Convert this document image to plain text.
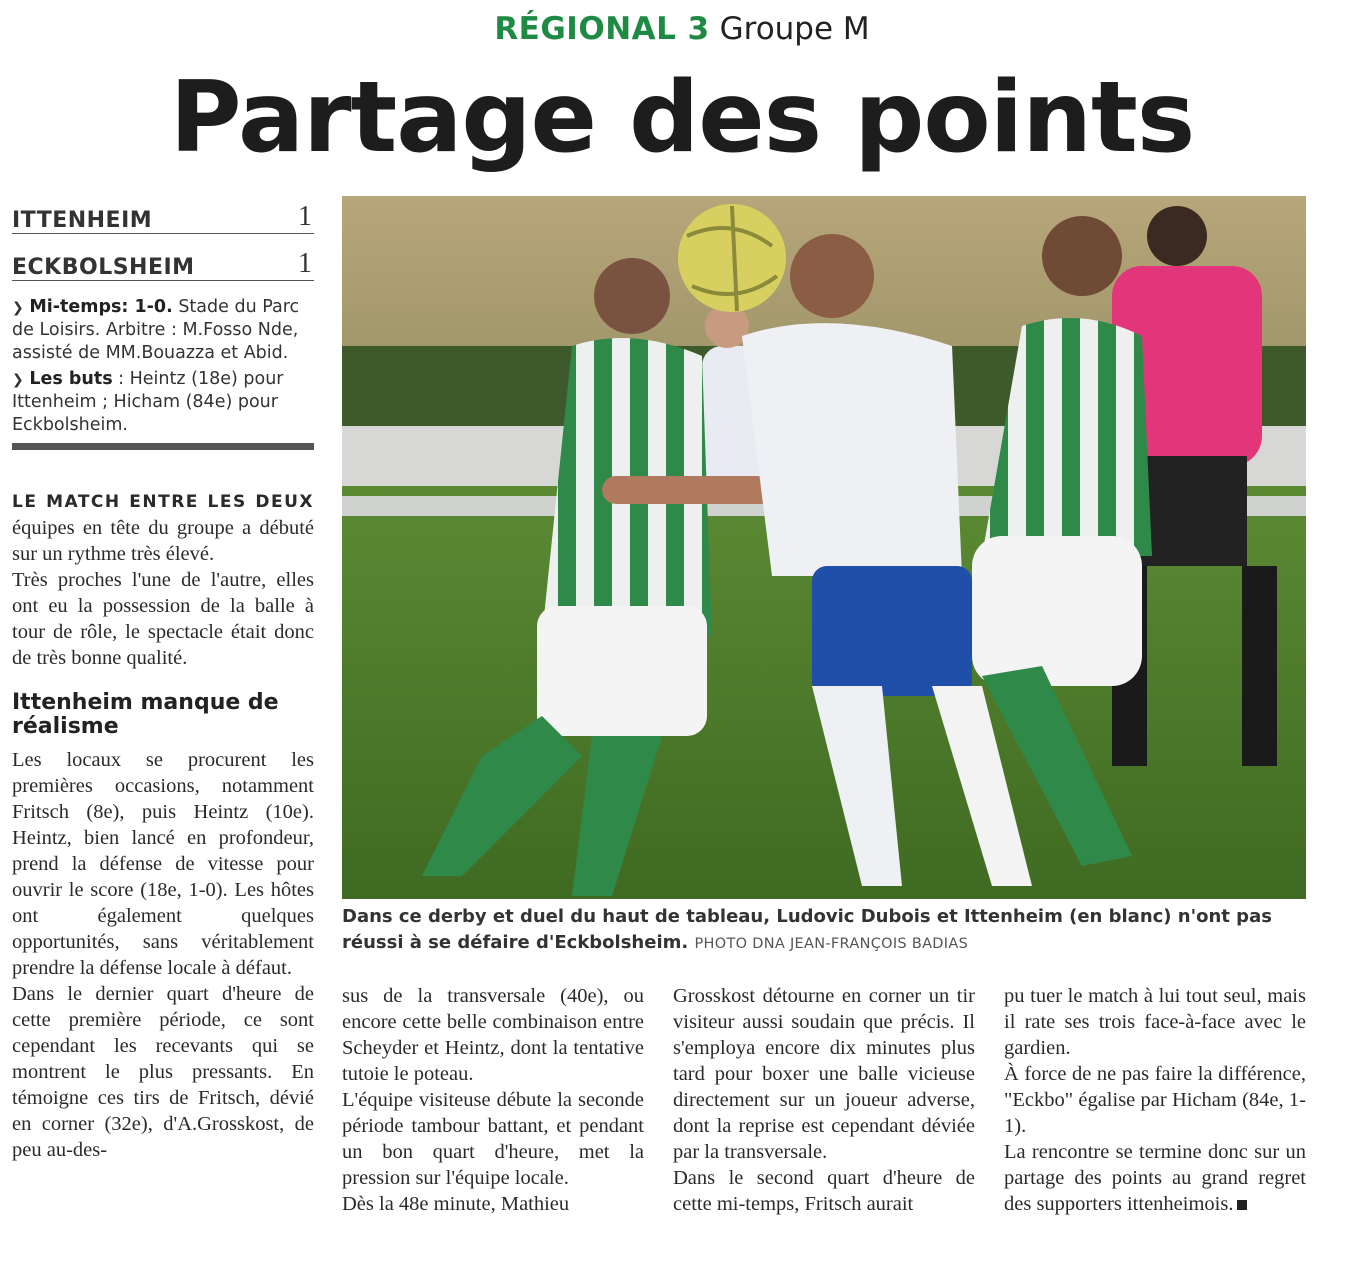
RÉGIONAL 3 Groupe M
Partage des points
ITTENHEIM	1
ECKBOLSHEIM	1
❯ Mi-temps: 1-0. Stade du Parc de Loisirs. Arbitre : M.Fosso Nde, assisté de MM.Bouazza et Abid.
❯ Les buts : Heintz (18e) pour Ittenheim ; Hicham (84e) pour Eckbolsheim.

LE MATCH ENTRE LES DEUX équipes en tête du groupe a débuté sur un rythme très élevé.

Très proches l'une de l'autre, elles ont eu la possession de la balle à tour de rôle, le spectacle était donc de très bonne qualité.

Ittenheim manque de réalisme

Les locaux se procurent les premières occasions, notamment Fritsch (8e), puis Heintz (10e). Heintz, bien lancé en profondeur, prend la défense de vitesse pour ouvrir le score (18e, 1-0). Les hôtes ont également quelques opportunités, sans véritablement prendre la défense locale à défaut.

Dans le dernier quart d'heure de cette première période, ce sont cependant les recevants qui se montrent le plus pressants. En témoigne ces tirs de Fritsch, dévié en corner (32e), d'A.Grosskost, de peu au-des-

Dans ce derby et duel du haut de tableau, Ludovic Dubois et Ittenheim (en blanc) n'ont pas réussi à se défaire d'Eckbolsheim. PHOTO DNA JEAN-FRANÇOIS BADIAS

sus de la transversale (40e), ou encore cette belle combinaison entre Scheyder et Heintz, dont la tentative tutoie le poteau.

L'équipe visiteuse débute la seconde période tambour battant, et pendant un bon quart d'heure, met la pression sur l'équipe locale.

Dès la 48e minute, Mathieu

Grosskost détourne en corner un tir visiteur aussi soudain que précis. Il s'employa encore dix minutes plus tard pour boxer une balle vicieuse directement sur un joueur adverse, dont la reprise est cependant déviée par la transversale.

Dans le second quart d'heure de cette mi-temps, Fritsch aurait

pu tuer le match à lui tout seul, mais il rate ses trois face-à-face avec le gardien.

À force de ne pas faire la différence, "Eckbo" égalise par Hicham (84e, 1-1).

La rencontre se termine donc sur un partage des points au grand regret des supporters ittenheimois.
